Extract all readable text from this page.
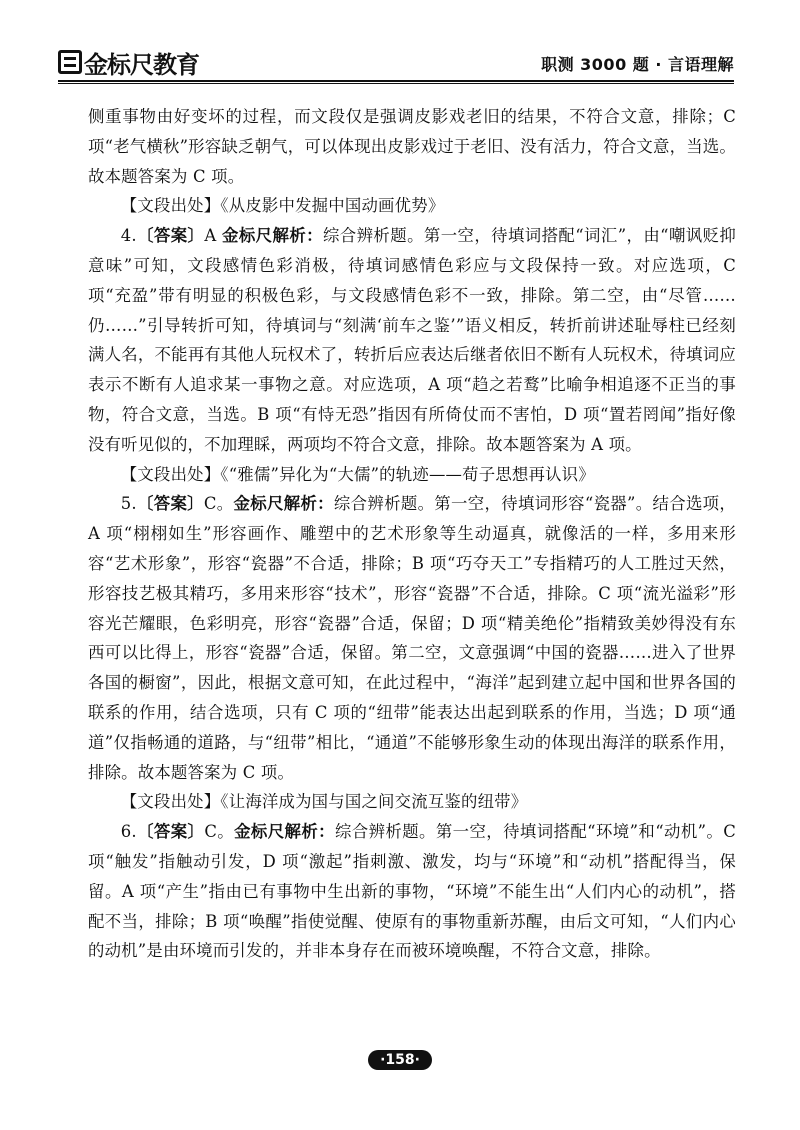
金标尺教育	职测 3000 题 · 言语理解

侧重事物由好变坏的过程，而文段仅是强调皮影戏老旧的结果，不符合文意，排除；C 项“老气横秋”形容缺乏朝气，可以体现出皮影戏过于老旧、没有活力，符合文意，当选。故本题答案为 C 项。

【文段出处】《从皮影中发掘中国动画优势》

4.〔答案〕A 金标尺解析：综合辨析题。第一空，待填词搭配“词汇”，由“嘲讽贬抑意味”可知，文段感情色彩消极，待填词感情色彩应与文段保持一致。对应选项，C 项“充盈”带有明显的积极色彩，与文段感情色彩不一致，排除。第二空，由“尽管……仍……”引导转折可知，待填词与“刻满‘前车之鉴’”语义相反，转折前讲述耻辱柱已经刻满人名，不能再有其他人玩权术了，转折后应表达后继者依旧不断有人玩权术，待填词应表示不断有人追求某一事物之意。对应选项，A 项“趋之若鹜”比喻争相追逐不正当的事物，符合文意，当选。B 项“有恃无恐”指因有所倚仗而不害怕，D 项“置若罔闻”指好像没有听见似的，不加理睬，两项均不符合文意，排除。故本题答案为 A 项。

【文段出处】《“雅儒”异化为“大儒”的轨迹——荀子思想再认识》

5.〔答案〕C。金标尺解析：综合辨析题。第一空，待填词形容“瓷器”。结合选项，A 项“栩栩如生”形容画作、雕塑中的艺术形象等生动逼真，就像活的一样，多用来形容“艺术形象”，形容“瓷器”不合适，排除；B 项“巧夺天工”专指精巧的人工胜过天然，形容技艺极其精巧，多用来形容“技术”，形容“瓷器”不合适，排除。C 项“流光溢彩”形容光芒耀眼，色彩明亮，形容“瓷器”合适，保留；D 项“精美绝伦”指精致美妙得没有东西可以比得上，形容“瓷器”合适，保留。第二空，文意强调“中国的瓷器……进入了世界各国的橱窗”，因此，根据文意可知，在此过程中，“海洋”起到建立起中国和世界各国的联系的作用，结合选项，只有 C 项的“纽带”能表达出起到联系的作用，当选；D 项“通道”仅指畅通的道路，与“纽带”相比，“通道”不能够形象生动的体现出海洋的联系作用，排除。故本题答案为 C 项。

【文段出处】《让海洋成为国与国之间交流互鉴的纽带》

6.〔答案〕C。金标尺解析：综合辨析题。第一空，待填词搭配“环境”和“动机”。C 项“触发”指触动引发，D 项“激起”指刺激、激发，均与“环境”和“动机”搭配得当，保留。A 项“产生”指由已有事物中生出新的事物，“环境”不能生出“人们内心的动机”，搭配不当，排除；B 项“唤醒”指使觉醒、使原有的事物重新苏醒，由后文可知，“人们内心的动机”是由环境而引发的，并非本身存在而被环境唤醒，不符合文意，排除。

·158·
